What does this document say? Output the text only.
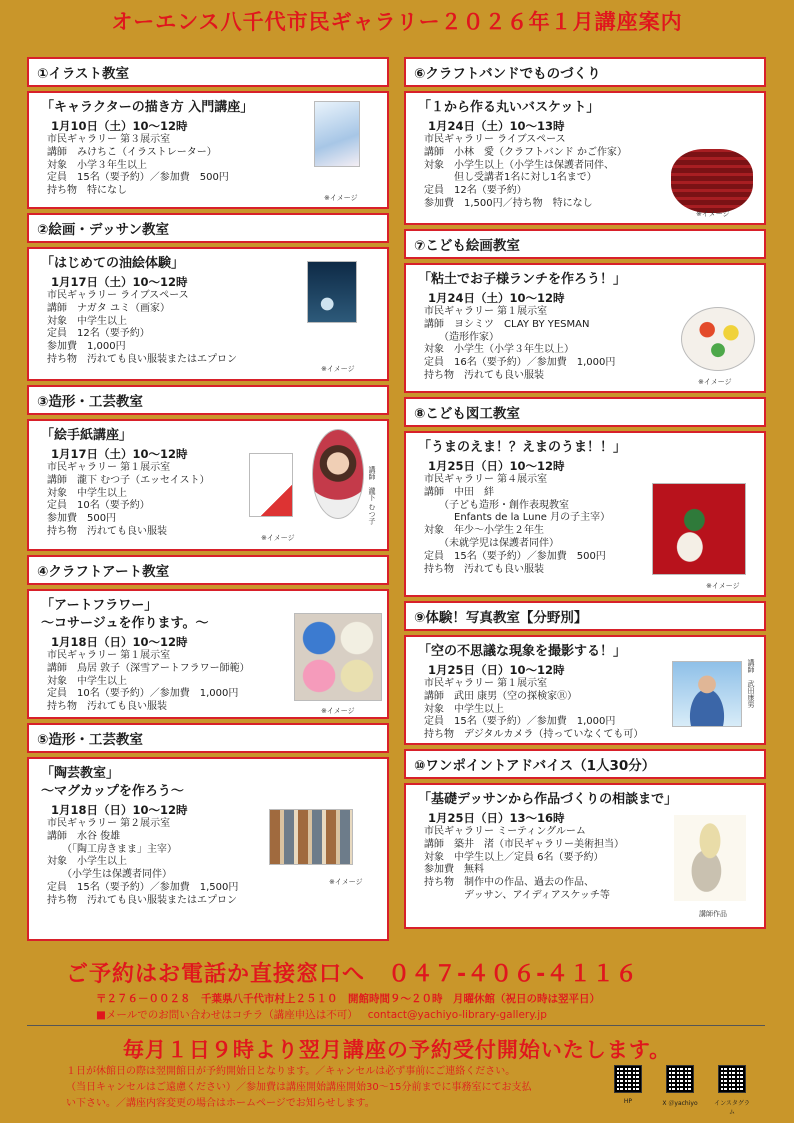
オーエンス八千代市民ギャラリー２０２６年１月講座案内
①イラスト教室
「キャラクターの描き方 入門講座」
1月10日（土）10～12時
市民ギャラリー 第３展示室
講師　みけちこ（イラストレーター）
対象　小学３年生以上
定員　15名（要予約）／参加費　500円
持ち物　特になし
※イメージ
②絵画・デッサン教室
「はじめての油絵体験」
1月17日（土）10～12時
市民ギャラリー ライブスペース
講師　ナガタ ユミ（画家）
対象　中学生以上
定員　12名（要予約）
参加費　1,000円
持ち物　汚れても良い服装またはエプロン
※イメージ
③造形・工芸教室
「絵手紙講座」
1月17日（土）10～12時
市民ギャラリー 第１展示室
講師　瀧下 むつ子（エッセイスト）
対象　中学生以上
定員　10名（要予約）
参加費　500円
持ち物　汚れても良い服装
講師　瀧下 むつ子
※イメージ
④クラフトアート教室
「アートフラワー」
～コサージュを作ります。～
1月18日（日）10～12時
市民ギャラリー 第１展示室
講師　鳥居 敦子（深雪アートフラワー師範）
対象　中学生以上
定員　10名（要予約）／参加費　1,000円
持ち物　汚れても良い服装	※イメージ
⑤造形・工芸教室
「陶芸教室」
～マグカップを作ろう～
1月18日（日）10～12時
市民ギャラリー 第２展示室
講師　水谷 俊雄
　　（「陶工房きまま」主宰）
対象　小学生以上
　　（小学生は保護者同伴）
定員　15名（要予約）／参加費　1,500円
持ち物　汚れても良い服装またはエプロン
※イメージ
⑥クラフトバンドでものづくり
「１から作る丸いバスケット」
1月24日（土）10～13時
市民ギャラリー ライブスペース
講師　小林　愛（クラフトバンド かご作家）
対象　小学生以上（小学生は保護者同伴、
　　　但し受講者1名に対し1名まで）
定員　12名（要予約）
参加費　1,500円／持ち物　特になし
※イメージ
⑦こども絵画教室
「粘土でお子様ランチを作ろう！」
1月24日（土）10～12時
市民ギャラリー 第１展示室
講師　ヨシミツ　CLAY BY YESMAN
　　（造形作家）
対象　小学生（小学３年生以上）
定員　16名（要予約）／参加費　1,000円
持ち物　汚れても良い服装
※イメージ
⑧こども図工教室
「うまのえま！？えまのうま！！」
1月25日（日）10～12時
市民ギャラリー 第４展示室
講師　中田　絆
　　（子ども造形・創作表現教室
　　　Enfants de la Lune 月の子主宰）
対象　年少～小学生２年生
　　（未就学児は保護者同伴）
定員　15名（要予約）／参加費　500円
持ち物　汚れても良い服装
※イメージ
⑨体験！写真教室【分野別】
「空の不思議な現象を撮影する！」
1月25日（日）10～12時
市民ギャラリー 第１展示室
講師　武田 康男（空の探検家Ⓡ）
対象　中学生以上
定員　15名（要予約）／参加費　1,000円
持ち物　デジタルカメラ（持っていなくても可）
講師　武田康男
⑩ワンポイントアドバイス（1人30分）
「基礎デッサンから作品づくりの相談まで」
1月25日（日）13～16時
市民ギャラリー ミーティングルーム
講師　築井　渚（市民ギャラリー美術担当）
対象　中学生以上／定員 6名（要予約）
参加費　無料
持ち物　制作中の作品、過去の作品、
　　　　デッサン、アイディアスケッチ等
講師作品
ご予約はお電話か直接窓口へ　０４７-４０６-４１１６
〒２７６－００２８　千葉県八千代市村上２５１０　開館時間９～２０時　月曜休館（祝日の時は翌平日）
■メールでのお問い合わせはコチラ（講座申込は不可） contact@yachiyo-library-gallery.jp
毎月１日９時より翌月講座の予約受付開始いたします。
１日が休館日の際は翌開館日が予約開始日となります。／キャンセルは必ず事前にご連絡ください。
（当日キャンセルはご遠慮ください）／参加費は講座開始講座開始30～15分前までに事務室にてお支払
い下さい。／講座内容変更の場合はホームページでお知らせします。	HP	X ＠yachiyo	インスタグラム
